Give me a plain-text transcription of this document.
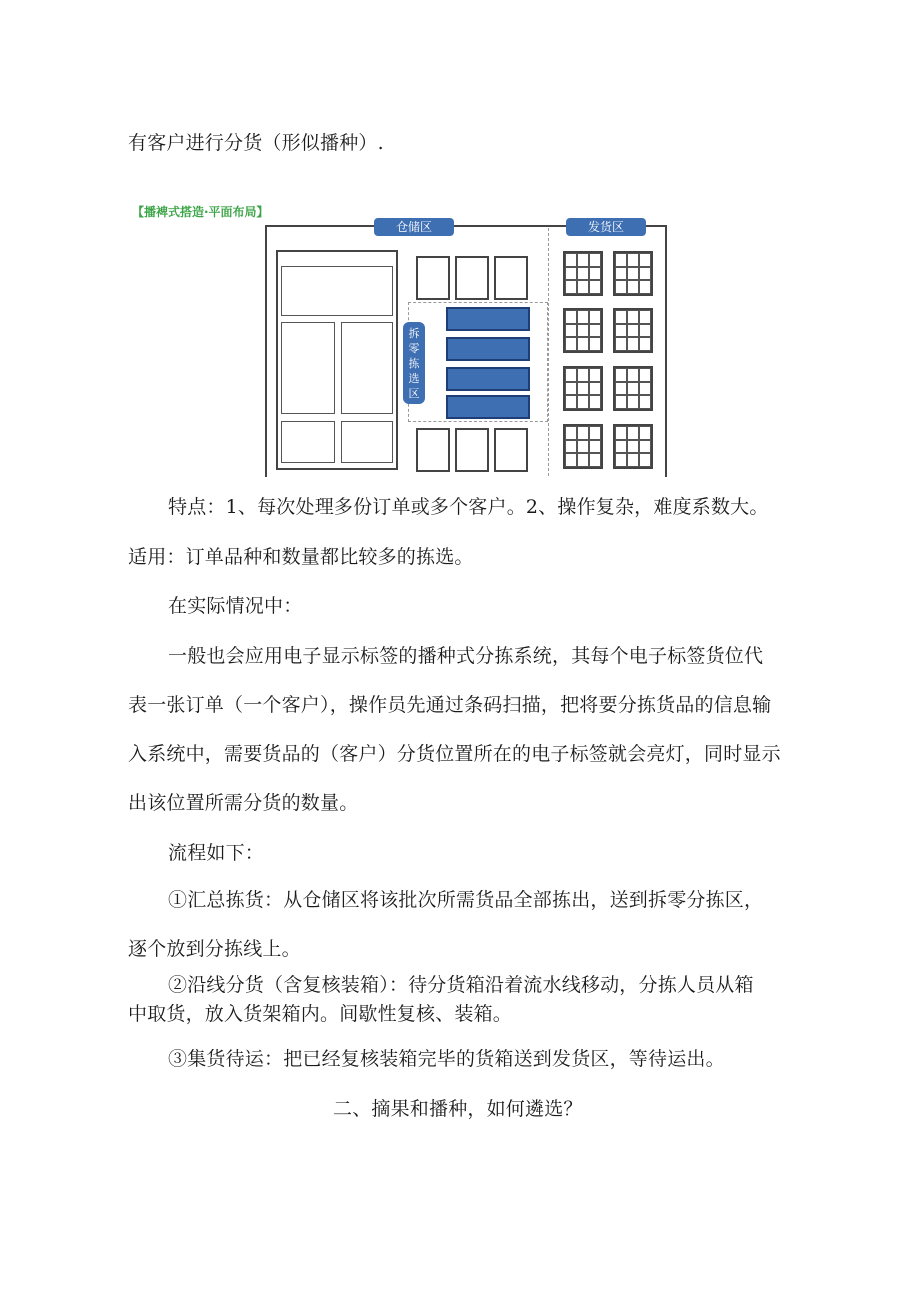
有客户进行分货（形似播种）.
【播裨式搭造·平面布局】
仓储区	发货区
拆零拣选区
特点：1、每次处理多份订单或多个客户。2、操作复杂，难度系数大。
适用：订单品种和数量都比较多的拣选。
在实际情况中：
一般也会应用电子显示标签的播种式分拣系统，其每个电子标签货位代
表一张订单（一个客户），操作员先通过条码扫描，把将要分拣货品的信息输
入系统中，需要货品的（客户）分货位置所在的电子标签就会亮灯，同时显示
出该位置所需分货的数量。
流程如下：
①汇总拣货：从仓储区将该批次所需货品全部拣出，送到拆零分拣区，
逐个放到分拣线上。
②沿线分货（含复核装箱）：待分货箱沿着流水线移动，分拣人员从箱
中取货，放入货架箱内。间歇性复核、装箱。
③集货待运：把已经复核装箱完毕的货箱送到发货区，等待运出。
二、摘果和播种，如何遴选？
